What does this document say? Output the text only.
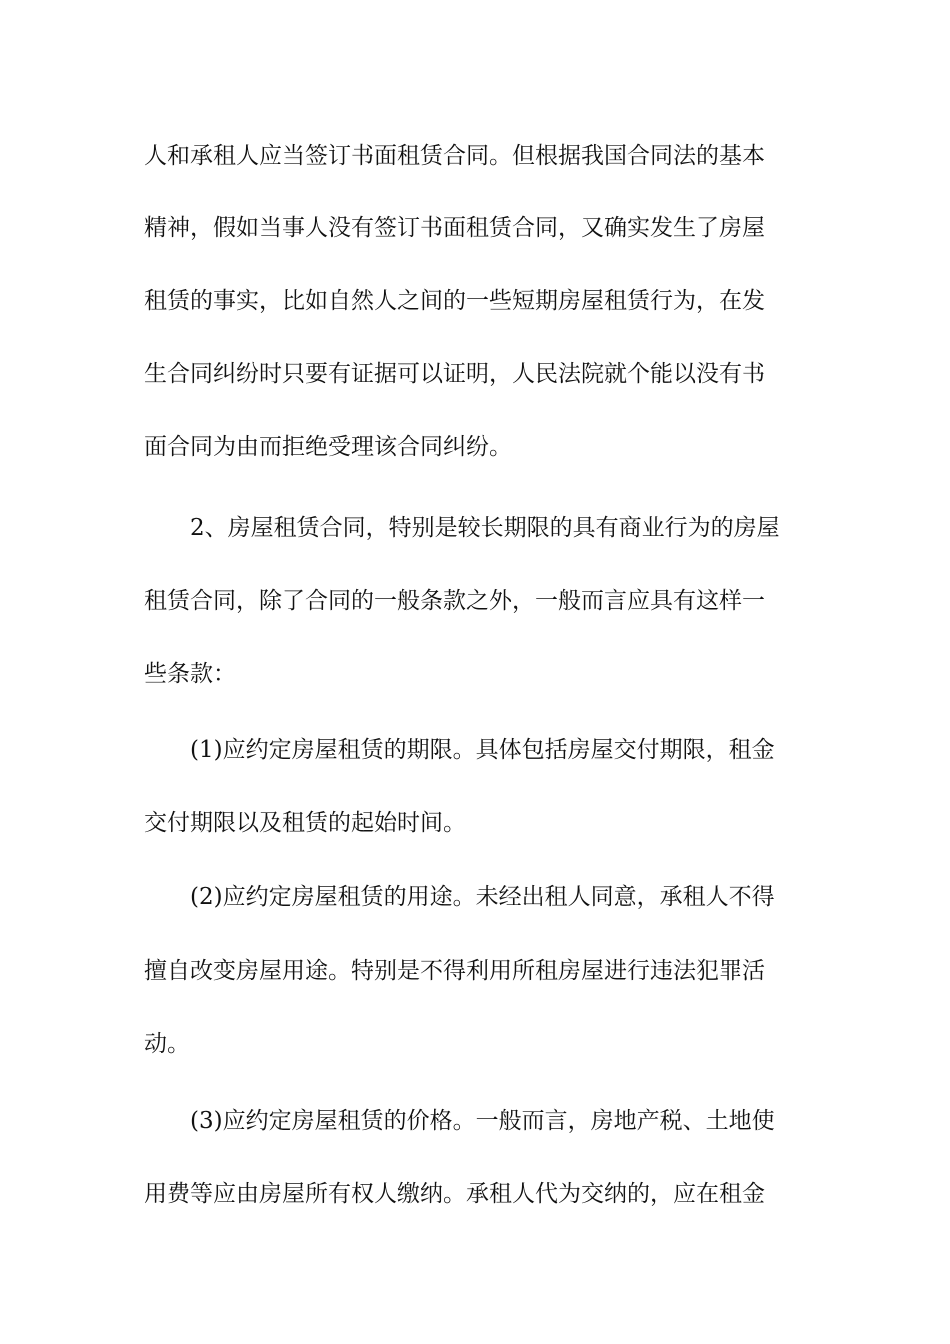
人和承租人应当签订书面租赁合同。但根据我国合同法的基本
精神，假如当事人没有签订书面租赁合同，又确实发生了房屋
租赁的事实，比如自然人之间的一些短期房屋租赁行为，在发
生合同纠纷时只要有证据可以证明，人民法院就个能以没有书
面合同为由而拒绝受理该合同纠纷。
2、房屋租赁合同，特别是较长期限的具有商业行为的房屋
租赁合同，除了合同的一般条款之外，一般而言应具有这样一
些条款：
(1)应约定房屋租赁的期限。具体包括房屋交付期限，租金
交付期限以及租赁的起始时间。
(2)应约定房屋租赁的用途。未经出租人同意，承租人不得
擅自改变房屋用途。特别是不得利用所租房屋进行违法犯罪活
动。
(3)应约定房屋租赁的价格。一般而言，房地产税、土地使
用费等应由房屋所有权人缴纳。承租人代为交纳的，应在租金
